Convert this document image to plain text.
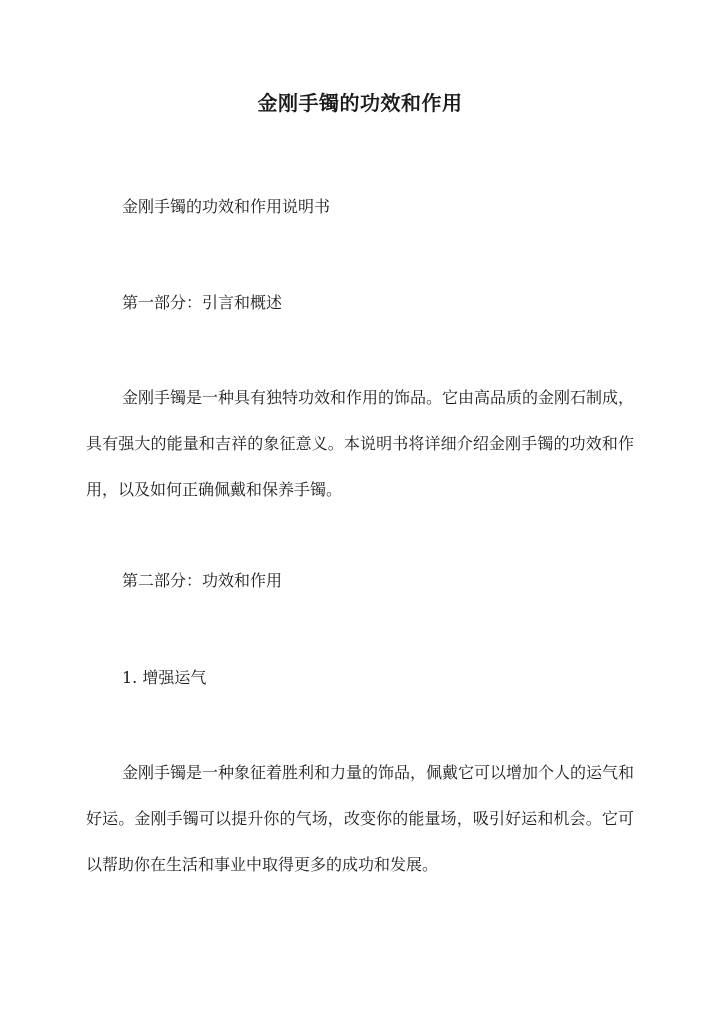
金刚手镯的功效和作用

金刚手镯的功效和作用说明书

第一部分：引言和概述

金刚手镯是一种具有独特功效和作用的饰品。它由高品质的金刚石制成，具有强大的能量和吉祥的象征意义。本说明书将详细介绍金刚手镯的功效和作用，以及如何正确佩戴和保养手镯。

第二部分：功效和作用

1. 增强运气

金刚手镯是一种象征着胜利和力量的饰品，佩戴它可以增加个人的运气和好运。金刚手镯可以提升你的气场，改变你的能量场，吸引好运和机会。它可以帮助你在生活和事业中取得更多的成功和发展。
